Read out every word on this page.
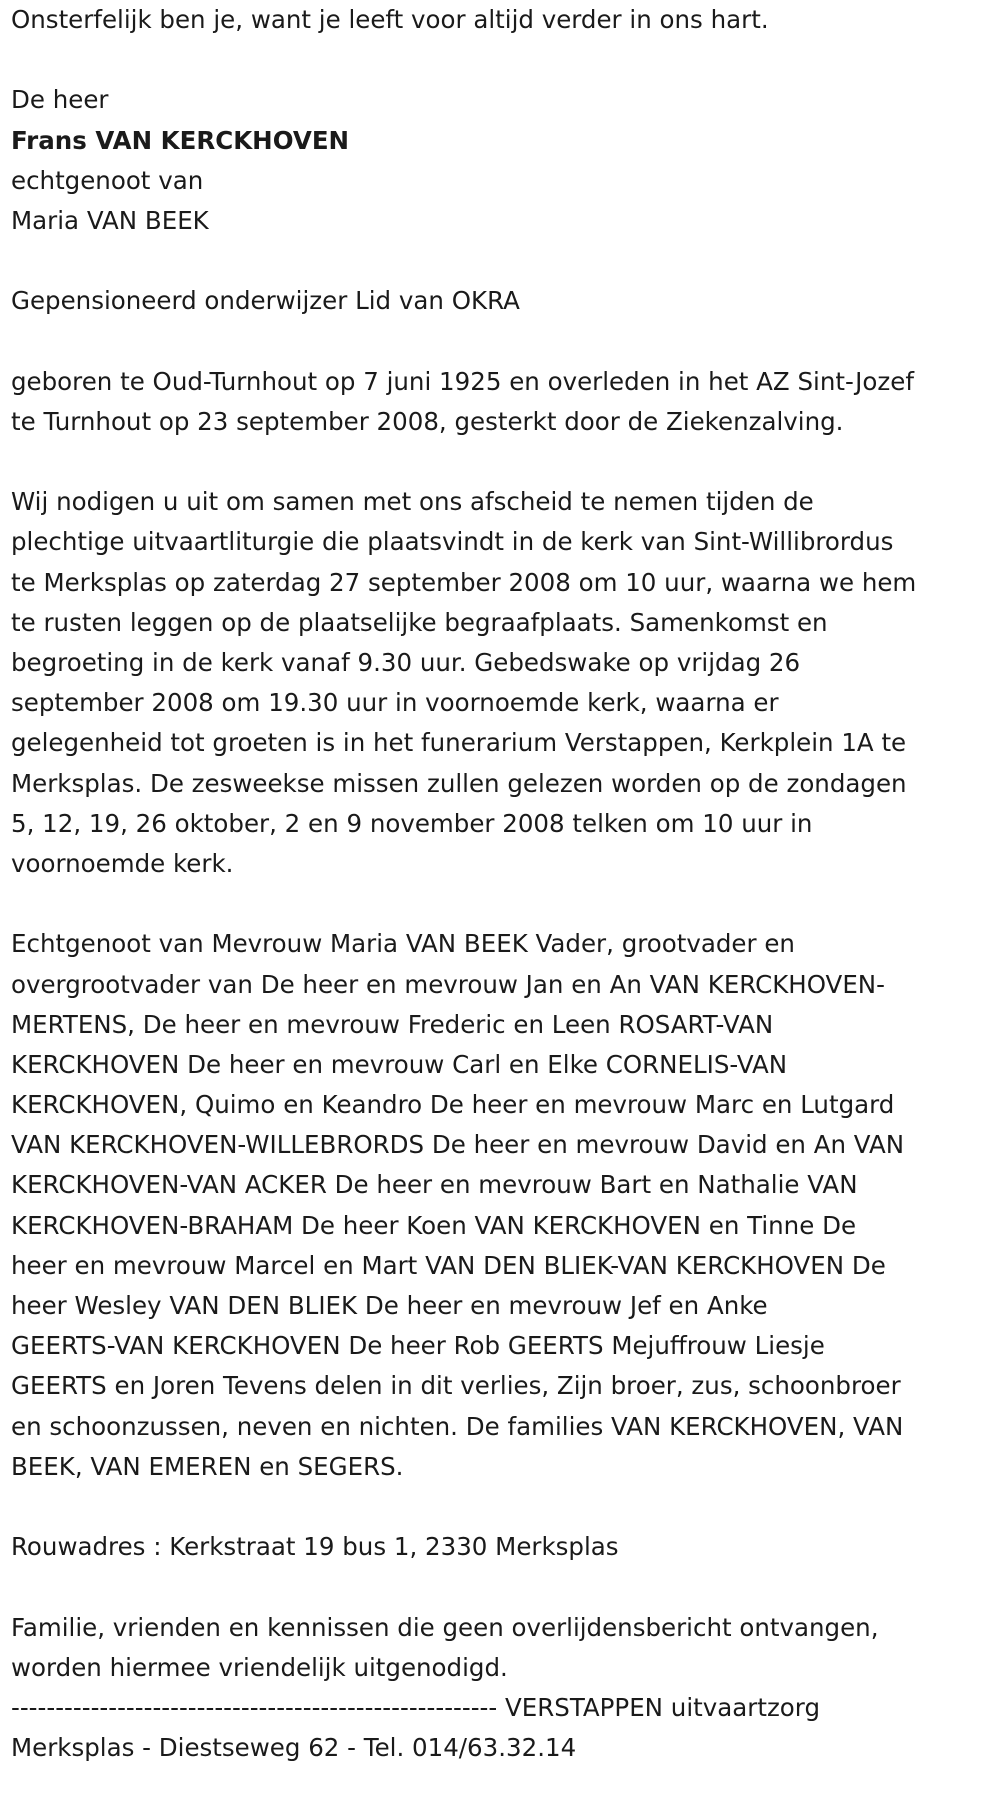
Onsterfelijk ben je, want je leeft voor altijd verder in ons hart.

De heer

Frans VAN KERCKHOVEN

echtgenoot van

Maria VAN BEEK

Gepensioneerd onderwijzer Lid van OKRA

geboren te Oud-Turnhout op 7 juni 1925 en overleden in het AZ Sint-Jozef

te Turnhout op 23 september 2008, gesterkt door de Ziekenzalving.

Wij nodigen u uit om samen met ons afscheid te nemen tijden de

plechtige uitvaartliturgie die plaatsvindt in de kerk van Sint-Willibrordus

te Merksplas op zaterdag 27 september 2008 om 10 uur, waarna we hem

te rusten leggen op de plaatselijke begraafplaats. Samenkomst en

begroeting in de kerk vanaf 9.30 uur. Gebedswake op vrijdag 26

september 2008 om 19.30 uur in voornoemde kerk, waarna er

gelegenheid tot groeten is in het funerarium Verstappen, Kerkplein 1A te

Merksplas. De zesweekse missen zullen gelezen worden op de zondagen

5, 12, 19, 26 oktober, 2 en 9 november 2008 telken om 10 uur in

voornoemde kerk.

Echtgenoot van Mevrouw Maria VAN BEEK Vader, grootvader en

overgrootvader van De heer en mevrouw Jan en An VAN KERCKHOVEN-

MERTENS, De heer en mevrouw Frederic en Leen ROSART-VAN

KERCKHOVEN De heer en mevrouw Carl en Elke CORNELIS-VAN

KERCKHOVEN, Quimo en Keandro De heer en mevrouw Marc en Lutgard

VAN KERCKHOVEN-WILLEBRORDS De heer en mevrouw David en An VAN

KERCKHOVEN-VAN ACKER De heer en mevrouw Bart en Nathalie VAN

KERCKHOVEN-BRAHAM De heer Koen VAN KERCKHOVEN en Tinne De

heer en mevrouw Marcel en Mart VAN DEN BLIEK-VAN KERCKHOVEN De

heer Wesley VAN DEN BLIEK De heer en mevrouw Jef en Anke

GEERTS-VAN KERCKHOVEN De heer Rob GEERTS Mejuffrouw Liesje

GEERTS en Joren Tevens delen in dit verlies, Zijn broer, zus, schoonbroer

en schoonzussen, neven en nichten. De families VAN KERCKHOVEN, VAN

BEEK, VAN EMEREN en SEGERS.

Rouwadres : Kerkstraat 19 bus 1, 2330 Merksplas

Familie, vrienden en kennissen die geen overlijdensbericht ontvangen,

worden hiermee vriendelijk uitgenodigd.

------------------------------------------------------- VERSTAPPEN uitvaartzorg

Merksplas - Diestseweg 62 - Tel. 014/63.32.14
